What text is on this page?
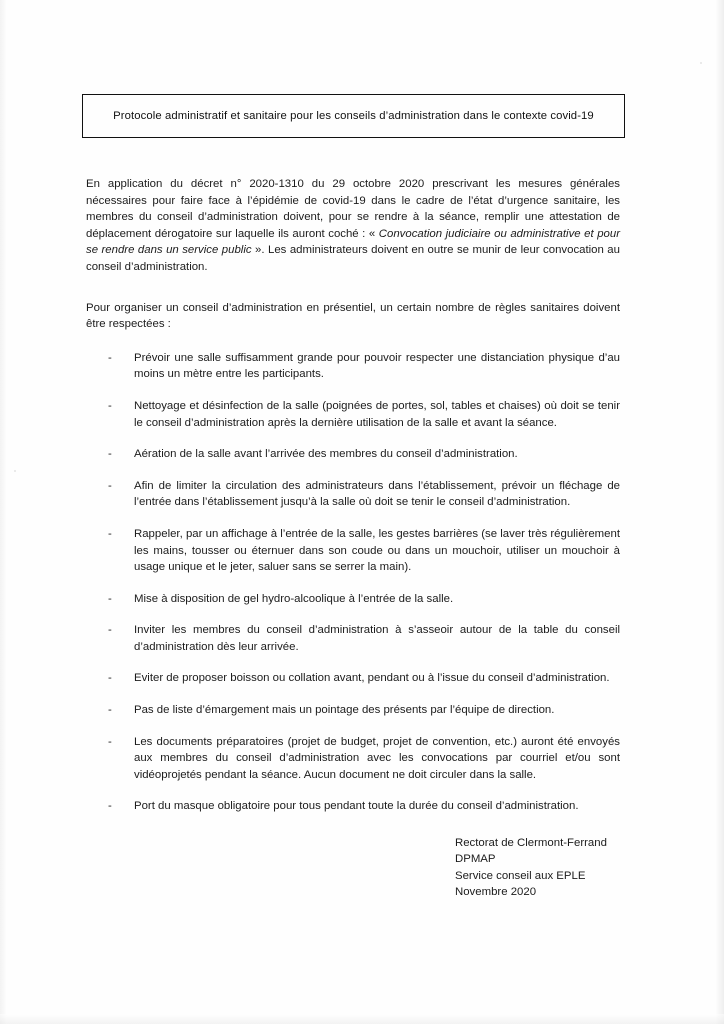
Protocole administratif et sanitaire pour les conseils d’administration dans le contexte covid-19

En application du décret n° 2020-1310 du 29 octobre 2020 prescrivant les mesures générales nécessaires pour faire face à l’épidémie de covid-19 dans le cadre de l’état d’urgence sanitaire, les membres du conseil d’administration doivent, pour se rendre à la séance, remplir une attestation de déplacement dérogatoire sur laquelle ils auront coché : « Convocation judiciaire ou administrative et pour se rendre dans un service public ». Les administrateurs doivent en outre se munir de leur convocation au conseil d’administration.

Pour organiser un conseil d’administration en présentiel, un certain nombre de règles sanitaires doivent être respectées :

- Prévoir une salle suffisamment grande pour pouvoir respecter une distanciation physique d’au moins un mètre entre les participants.
- Nettoyage et désinfection de la salle (poignées de portes, sol, tables et chaises) où doit se tenir le conseil d’administration après la dernière utilisation de la salle et avant la séance.
- Aération de la salle avant l’arrivée des membres du conseil d’administration.
- Afin de limiter la circulation des administrateurs dans l’établissement, prévoir un fléchage de l’entrée dans l’établissement jusqu’à la salle où doit se tenir le conseil d’administration.
- Rappeler, par un affichage à l’entrée de la salle, les gestes barrières (se laver très régulièrement les mains, tousser ou éternuer dans son coude ou dans un mouchoir, utiliser un mouchoir à usage unique et le jeter, saluer sans se serrer la main).
- Mise à disposition de gel hydro-alcoolique à l’entrée de la salle.
- Inviter les membres du conseil d’administration à s’asseoir autour de la table du conseil d’administration dès leur arrivée.
- Eviter de proposer boisson ou collation avant, pendant ou à l’issue du conseil d’administration.
- Pas de liste d’émargement mais un pointage des présents par l’équipe de direction.
- Les documents préparatoires (projet de budget, projet de convention, etc.) auront été envoyés aux membres du conseil d’administration avec les convocations par courriel et/ou sont vidéoprojetés pendant la séance. Aucun document ne doit circuler dans la salle.
- Port du masque obligatoire pour tous pendant toute la durée du conseil d’administration.
Rectorat de Clermont-Ferrand
DPMAP
Service conseil aux EPLE
Novembre 2020
